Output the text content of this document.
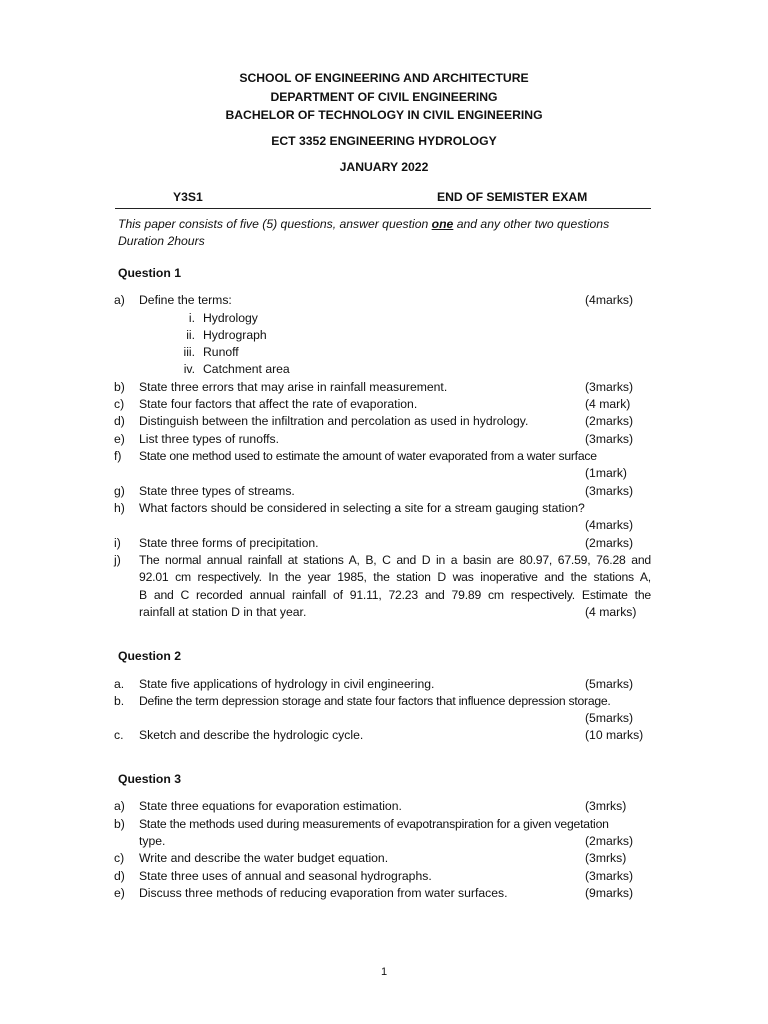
SCHOOL OF ENGINEERING AND ARCHITECTURE
DEPARTMENT OF CIVIL ENGINEERING
BACHELOR OF TECHNOLOGY IN CIVIL ENGINEERING
ECT 3352 ENGINEERING HYDROLOGY
JANUARY 2022
Y3S1	END OF SEMISTER EXAM
This paper consists of five (5) questions, answer question one and any other two questions
Duration 2hours
Question 1
a) Define the terms:	(4marks)
i. Hydrology
ii. Hydrograph
iii. Runoff
iv. Catchment area
b) State three errors that may arise in rainfall measurement.	(3marks)
c) State four factors that affect the rate of evaporation.	(4 mark)
d) Distinguish between the infiltration and percolation as used in hydrology.	(2marks)
e) List three types of runoffs.	(3marks)
f) State one method used to estimate the amount of water evaporated from a water surface
(1mark)
g) State three types of streams.	(3marks)
h) What factors should be considered in selecting a site for a stream gauging station?
(4marks)
i) State three forms of precipitation.	(2marks)
j) The normal annual rainfall at stations A, B, C and D in a basin are 80.97, 67.59, 76.28 and
92.01 cm respectively. In the year 1985, the station D was inoperative and the stations A,
B and C recorded annual rainfall of 91.11, 72.23 and 79.89 cm respectively. Estimate the
rainfall at station D in that year.	(4 marks)
Question 2
a. State five applications of hydrology in civil engineering.	(5marks)
b. Define the term depression storage and state four factors that influence depression storage.
(5marks)
c. Sketch and describe the hydrologic cycle.	(10 marks)
Question 3
a) State three equations for evaporation estimation.	(3mrks)
b) State the methods used during measurements of evapotranspiration for a given vegetation
type.	(2marks)
c) Write and describe the water budget equation.	(3mrks)
d) State three uses of annual and seasonal hydrographs.	(3marks)
e) Discuss three methods of reducing evaporation from water surfaces.	(9marks)
1
